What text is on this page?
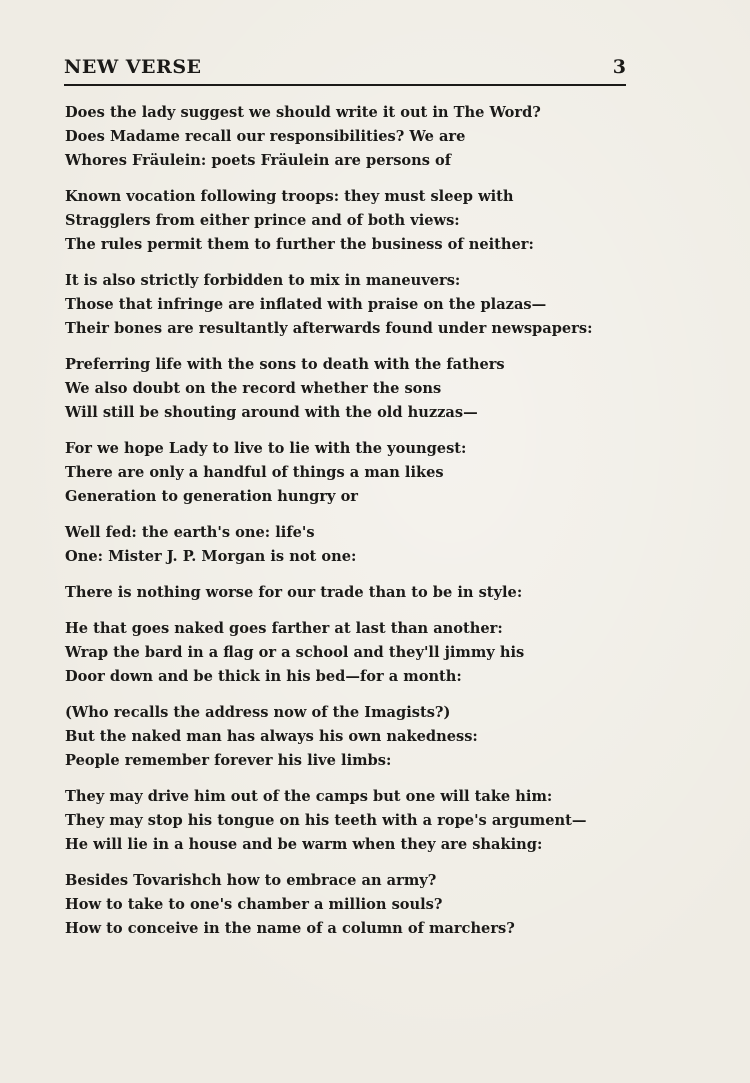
NEW VERSE	3
Does the lady suggest we should write it out in The Word?
Does Madame recall our responsibilities? We are
Whores Fräulein: poets Fräulein are persons of
Known vocation following troops: they must sleep with
Stragglers from either prince and of both views:
The rules permit them to further the business of neither:
It is also strictly forbidden to mix in maneuvers:
Those that infringe are inflated with praise on the plazas—
Their bones are resultantly afterwards found under newspapers:
Preferring life with the sons to death with the fathers
We also doubt on the record whether the sons
Will still be shouting around with the old huzzas—
For we hope Lady to live to lie with the youngest:
There are only a handful of things a man likes
Generation to generation hungry or
Well fed: the earth's one: life's
One: Mister J. P. Morgan is not one:
There is nothing worse for our trade than to be in style:
He that goes naked goes farther at last than another:
Wrap the bard in a flag or a school and they'll jimmy his
Door down and be thick in his bed—for a month:
(Who recalls the address now of the Imagists?)
But the naked man has always his own nakedness:
People remember forever his live limbs:
They may drive him out of the camps but one will take him:
They may stop his tongue on his teeth with a rope's argument—
He will lie in a house and be warm when they are shaking:
Besides Tovarishch how to embrace an army?
How to take to one's chamber a million souls?
How to conceive in the name of a column of marchers?
